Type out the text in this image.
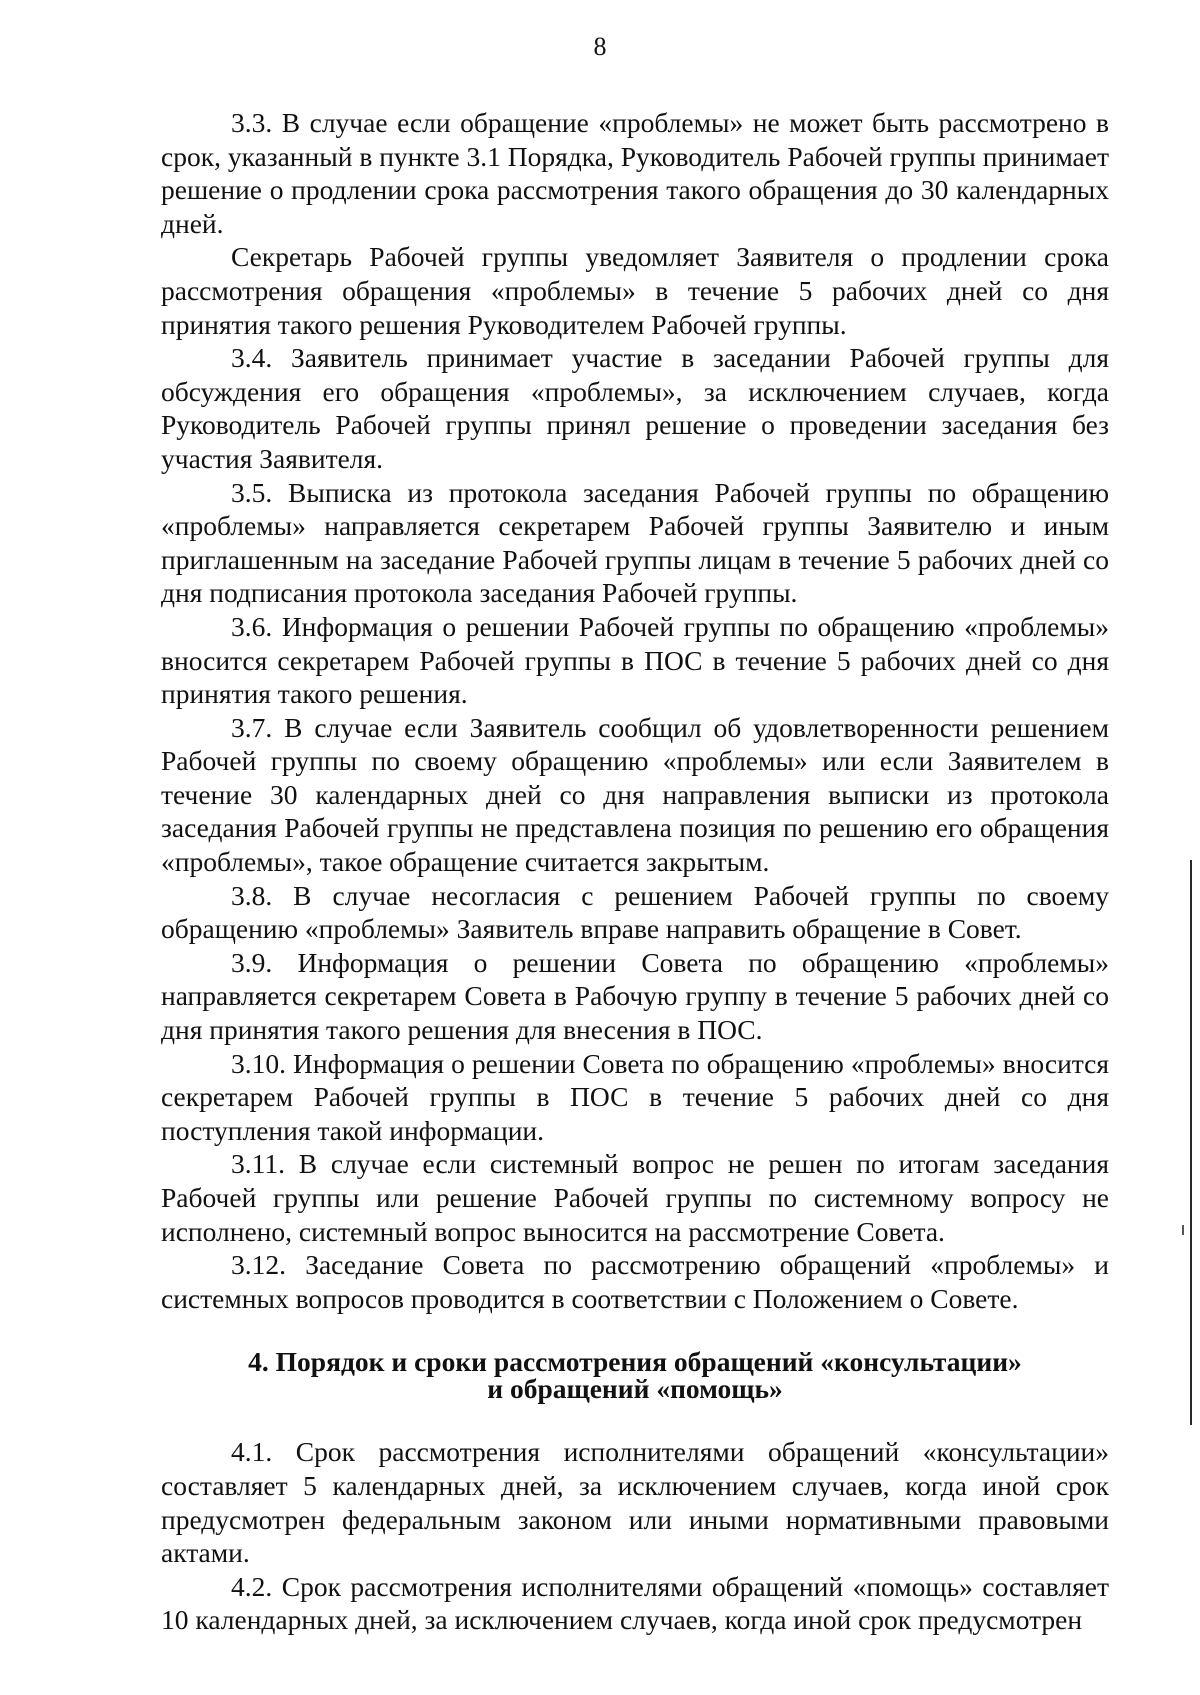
8

3.3. В случае если обращение «проблемы» не может быть рассмотрено в срок, указанный в пункте 3.1 Порядка, Руководитель Рабочей группы принимает решение о продлении срока рассмотрения такого обращения до 30 календарных дней.

Секретарь Рабочей группы уведомляет Заявителя о продлении срока рассмотрения обращения «проблемы» в течение 5 рабочих дней со дня принятия такого решения Руководителем Рабочей группы.

3.4. Заявитель принимает участие в заседании Рабочей группы для обсуждения его обращения «проблемы», за исключением случаев, когда Руководитель Рабочей группы принял решение о проведении заседания без участия Заявителя.

3.5. Выписка из протокола заседания Рабочей группы по обращению «проблемы» направляется секретарем Рабочей группы Заявителю и иным приглашенным на заседание Рабочей группы лицам в течение 5 рабочих дней со дня подписания протокола заседания Рабочей группы.

3.6. Информация о решении Рабочей группы по обращению «проблемы» вносится секретарем Рабочей группы в ПОС в течение 5 рабочих дней со дня принятия такого решения.

3.7. В случае если Заявитель сообщил об удовлетворенности решением Рабочей группы по своему обращению «проблемы» или если Заявителем в течение 30 календарных дней со дня направления выписки из протокола заседания Рабочей группы не представлена позиция по решению его обращения «проблемы», такое обращение считается закрытым.

3.8. В случае несогласия с решением Рабочей группы по своему обращению «проблемы» Заявитель вправе направить обращение в Совет.

3.9. Информация о решении Совета по обращению «проблемы» направляется секретарем Совета в Рабочую группу в течение 5 рабочих дней со дня принятия такого решения для внесения в ПОС.

3.10. Информация о решении Совета по обращению «проблемы» вносится секретарем Рабочей группы в ПОС в течение 5 рабочих дней со дня поступления такой информации.

3.11. В случае если системный вопрос не решен по итогам заседания Рабочей группы или решение Рабочей группы по системному вопросу не исполнено, системный вопрос выносится на рассмотрение Совета.

3.12. Заседание Совета по рассмотрению обращений «проблемы» и системных вопросов проводится в соответствии с Положением о Совете.

4. Порядок и сроки рассмотрения обращений «консультации»
и обращений «помощь»

4.1. Срок рассмотрения исполнителями обращений «консультации» составляет 5 календарных дней, за исключением случаев, когда иной срок предусмотрен федеральным законом или иными нормативными правовыми актами.

4.2. Срок рассмотрения исполнителями обращений «помощь» составляет 10 календарных дней, за исключением случаев, когда иной срок предусмотрен
